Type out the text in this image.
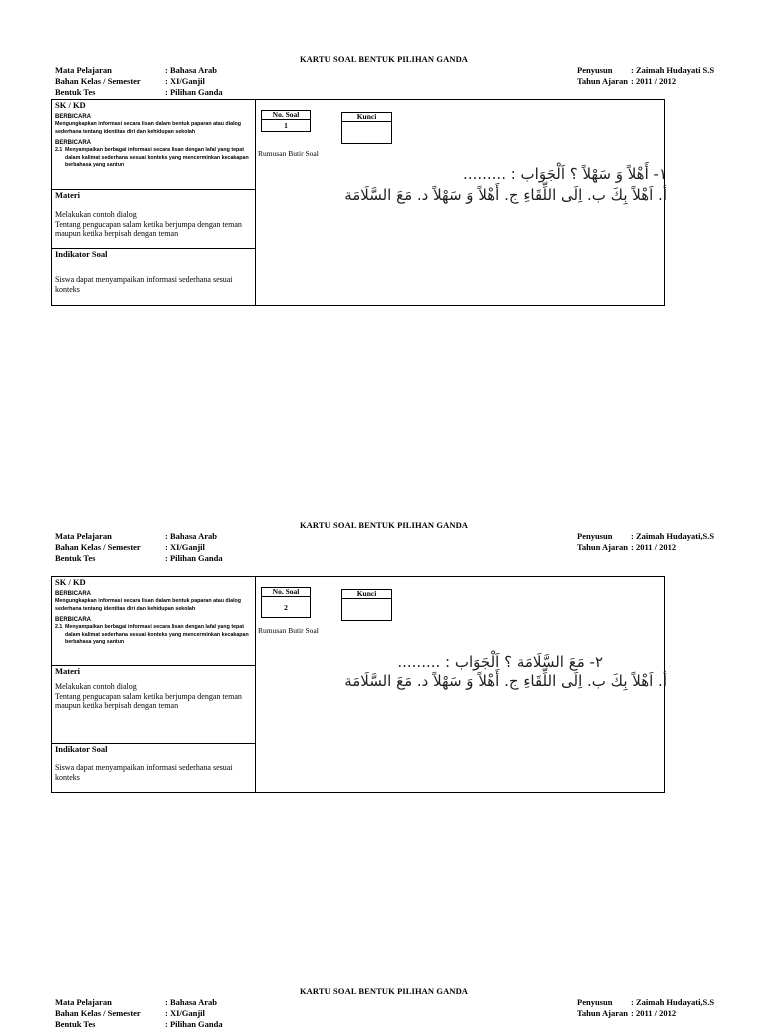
KARTU SOAL BENTUK PILIHAN GANDA
Mata Pelajaran	: Bahasa Arab
Bahan Kelas / Semester	: XI/Ganjil
Bentuk Tes	: Pilihan Ganda
Penyusun	: Zaimah Hudayati S.S
Tahun Ajaran : 2011 / 2012
SK / KD
BERBICARA
Mengungkapkan informasi secara lisan dalam bentuk paparan atau dialog sederhana tentang identitas diri dan kehidupan sekolah
BERBICARA
2.1 Menyampaikan berbagai informasi secara lisan dengan lafal yang tepat dalam kalimat sederhana sesuai konteks yang mencerminkan kecakapan berbahasa yang santun
Materi
Melakukan contoh dialog
Tentang pengucapan salam ketika berjumpa dengan teman maupun ketika berpisah dengan teman
Indikator Soal
Siswa dapat menyampaikan informasi sederhana sesuai konteks
No. Soal
1
Kunci
Rumusan Butir Soal
١- أَهْلاً وَ سَهْلاً ؟ اَلْجَوَاب : .........
أ. اَهْلاً بِكَ ب. اِلَى اللِّقَاءِ ج. أَهْلاً وَ سَهْلاً د. مَعَ السَّلَامَة
KARTU SOAL BENTUK PILIHAN GANDA
Mata Pelajaran	: Bahasa Arab
Bahan Kelas / Semester	: XI/Ganjil
Bentuk Tes	: Pilihan Ganda
Penyusun	: Zaimah Hudayati,S.S
Tahun Ajaran : 2011 / 2012
SK / KD
BERBICARA
Mengungkapkan informasi secara lisan dalam bentuk paparan atau dialog sederhana tentang identitas diri dan kehidupan sekolah
BERBICARA
2.1 Menyampaikan berbagai informasi secara lisan dengan lafal yang tepat dalam kalimat sederhana sesuai konteks yang mencerminkan kecakapan berbahasa yang santun
Materi
Melakukan contoh dialog
Tentang pengucapan salam ketika berjumpa dengan teman maupun ketika berpisah dengan teman
Indikator Soal
Siswa dapat menyampaikan informasi sederhana sesuai konteks
No. Soal
2
Kunci
Rumusan Butir Soal
٢- مَعَ السَّلَامَة ؟ اَلْجَوَاب : .........
أ. اَهْلاً بِكَ ب. اِلَى اللِّقَاءِ ج. أَهْلاً وَ سَهْلاً د. مَعَ السَّلَامَة
KARTU SOAL BENTUK PILIHAN GANDA
Mata Pelajaran	: Bahasa Arab
Bahan Kelas / Semester	: XI/Ganjil
Bentuk Tes	: Pilihan Ganda
Penyusun	: Zaimah Hudayati,S.S
Tahun Ajaran : 2011 / 2012
